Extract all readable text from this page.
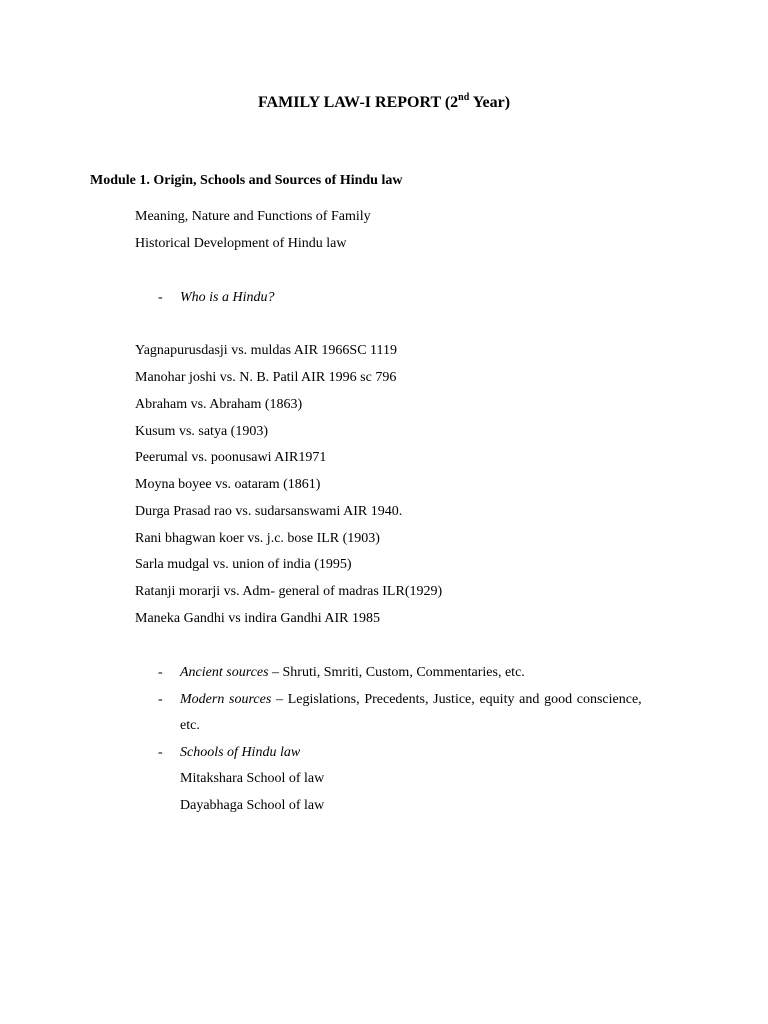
FAMILY LAW-I REPORT (2nd Year)
Module 1. Origin, Schools and Sources of Hindu law
Meaning, Nature and Functions of Family
Historical Development of Hindu law
- Who is a Hindu?
Yagnapurusdasji vs. muldas AIR 1966SC 1119
Manohar joshi vs. N. B. Patil AIR 1996 sc 796
Abraham vs. Abraham (1863)
Kusum vs. satya (1903)
Peerumal vs. poonusawi AIR1971
Moyna boyee vs. oataram (1861)
Durga Prasad rao vs. sudarsanswami AIR 1940.
Rani bhagwan koer vs. j.c. bose ILR (1903)
Sarla mudgal vs. union of india (1995)
Ratanji morarji vs. Adm- general of madras ILR(1929)
Maneka Gandhi vs indira Gandhi AIR 1985
- Ancient sources – Shruti, Smriti, Custom, Commentaries, etc.
- Modern sources – Legislations, Precedents, Justice, equity and good conscience,
etc.
- Schools of Hindu law
Mitakshara School of law
Dayabhaga School of law
